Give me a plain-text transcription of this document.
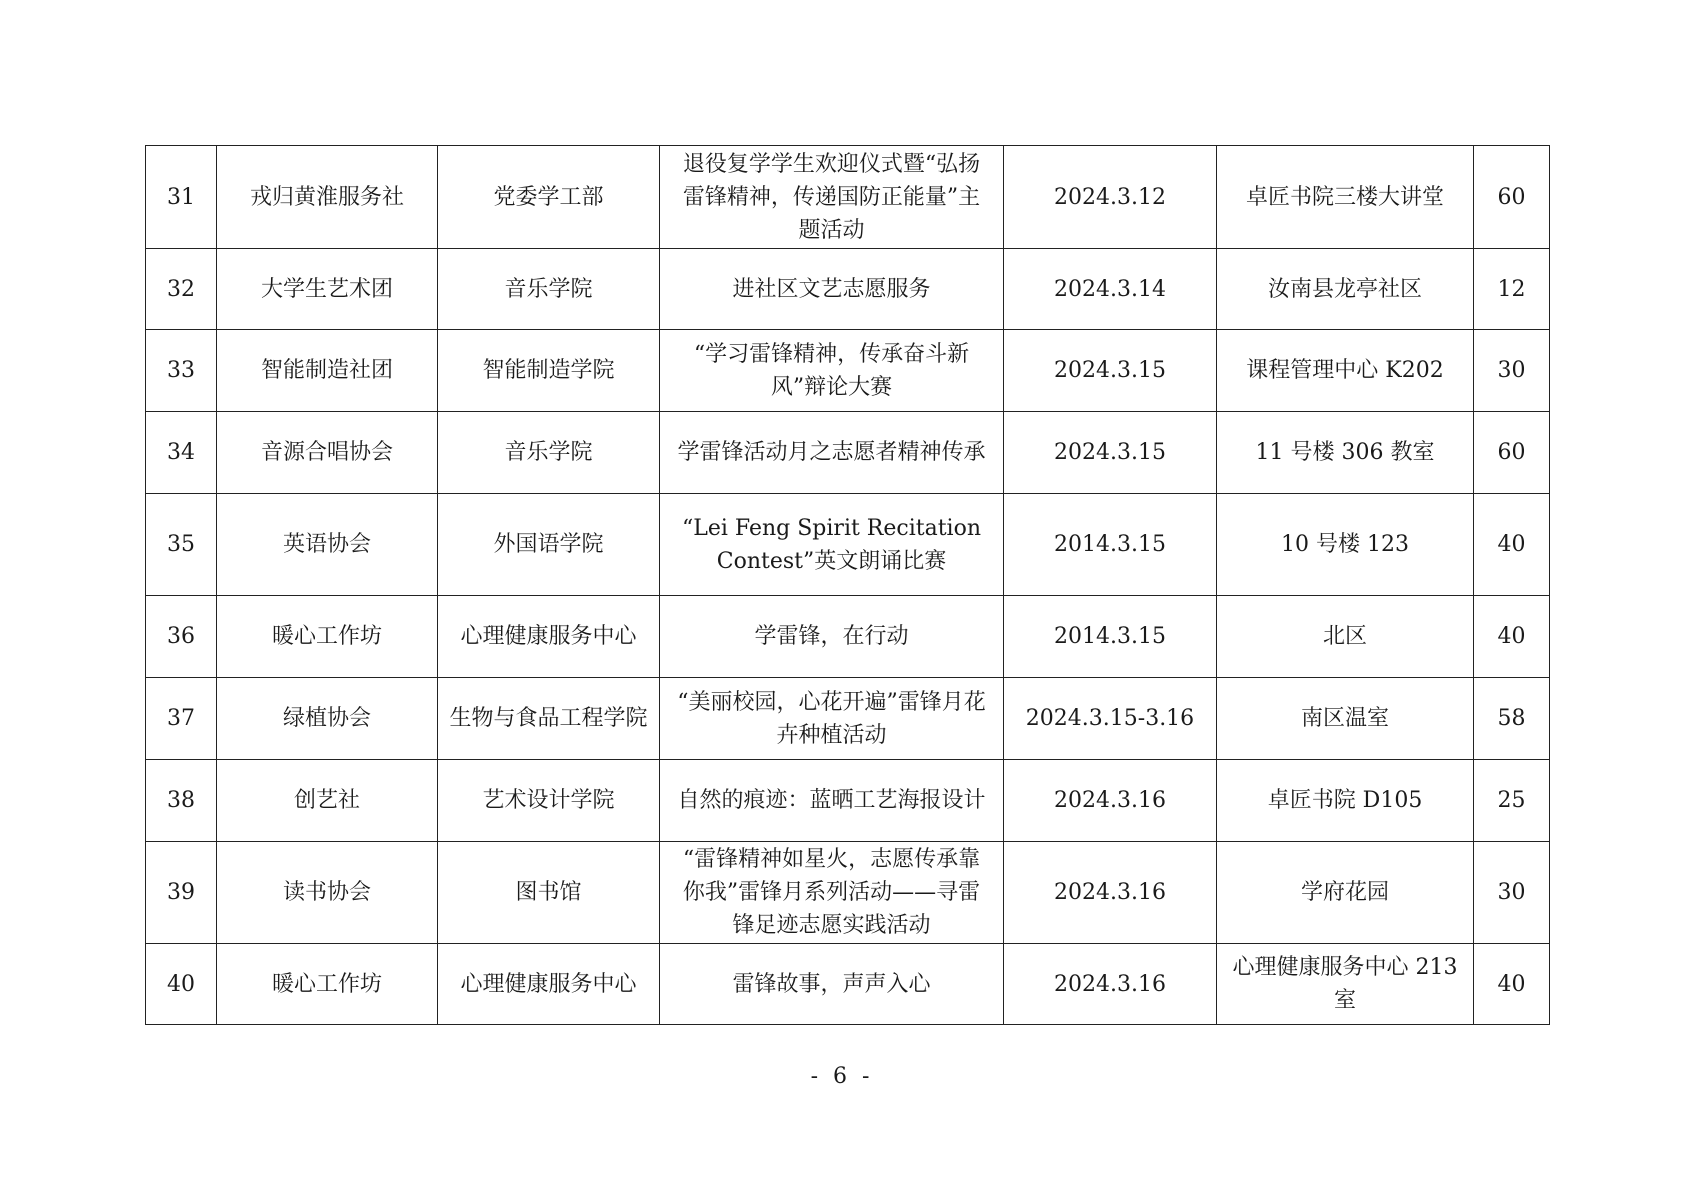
31	戎归黄淮服务社	党委学工部	退役复学学生欢迎仪式暨“弘扬雷锋精神，传递国防正能量”主题活动	2024.3.12	卓匠书院三楼大讲堂	60
32	大学生艺术团	音乐学院	进社区文艺志愿服务	2024.3.14	汝南县龙亭社区	12
33	智能制造社团	智能制造学院	“学习雷锋精神，传承奋斗新风”辩论大赛	2024.3.15	课程管理中心 K202	30
34	音源合唱协会	音乐学院	学雷锋活动月之志愿者精神传承	2024.3.15	11 号楼 306 教室	60
35	英语协会	外国语学院	“Lei Feng Spirit Recitation Contest”英文朗诵比赛	2014.3.15	10 号楼 123	40
36	暖心工作坊	心理健康服务中心	学雷锋，在行动	2014.3.15	北区	40
37	绿植协会	生物与食品工程学院	“美丽校园，心花开遍”雷锋月花卉种植活动	2024.3.15-3.16	南区温室	58
38	创艺社	艺术设计学院	自然的痕迹：蓝晒工艺海报设计	2024.3.16	卓匠书院 D105	25
39	读书协会	图书馆	“雷锋精神如星火，志愿传承靠你我”雷锋月系列活动——寻雷锋足迹志愿实践活动	2024.3.16	学府花园	30
40	暖心工作坊	心理健康服务中心	雷锋故事，声声入心	2024.3.16	心理健康服务中心 213 室	40
- 6 -
